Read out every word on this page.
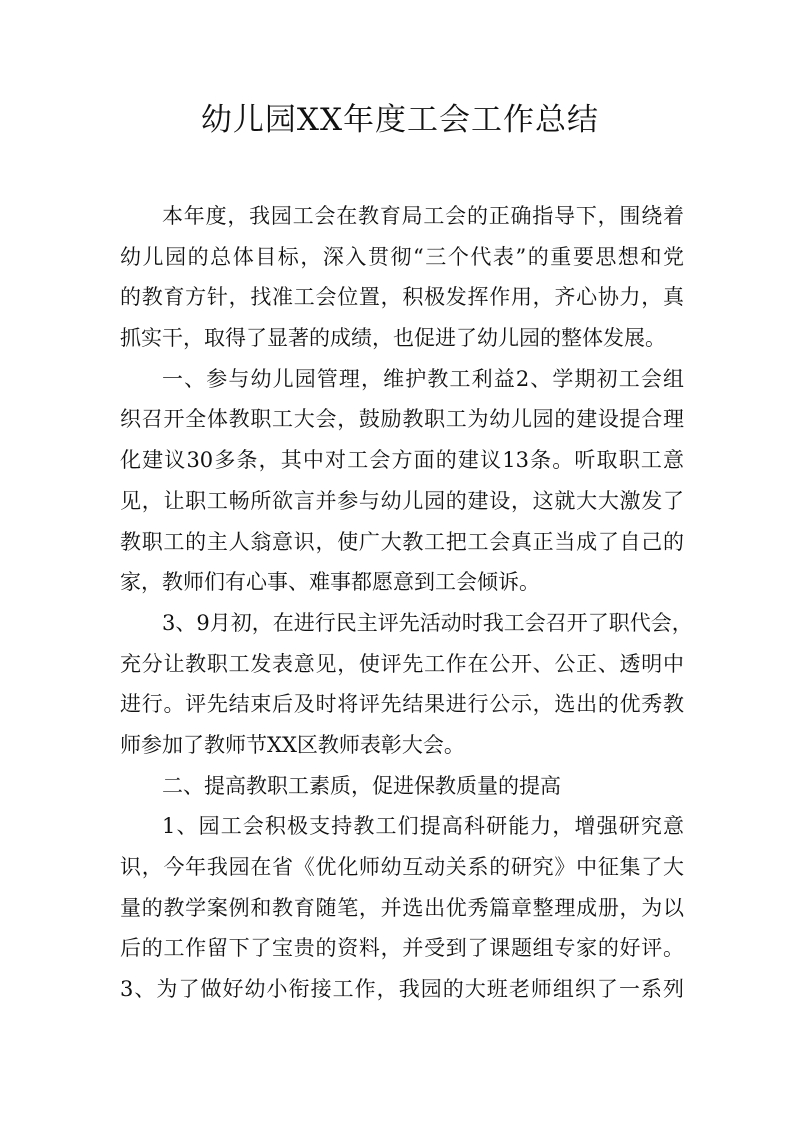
幼儿园XX年度工会工作总结
本年度，我园工会在教育局工会的正确指导下，围绕着
幼儿园的总体目标，深入贯彻“三个代表”的重要思想和党
的教育方针，找准工会位置，积极发挥作用，齐心协力，真
抓实干，取得了显著的成绩，也促进了幼儿园的整体发展。
一、参与幼儿园管理，维护教工利益2、学期初工会组
织召开全体教职工大会，鼓励教职工为幼儿园的建设提合理
化建议30多条，其中对工会方面的建议13条。听取职工意
见，让职工畅所欲言并参与幼儿园的建设，这就大大激发了
教职工的主人翁意识，使广大教工把工会真正当成了自己的
家，教师们有心事、难事都愿意到工会倾诉。
3、9月初，在进行民主评先活动时我工会召开了职代会，
充分让教职工发表意见，使评先工作在公开、公正、透明中
进行。评先结束后及时将评先结果进行公示，选出的优秀教
师参加了教师节XX区教师表彰大会。
二、提高教职工素质，促进保教质量的提高
1、园工会积极支持教工们提高科研能力，增强研究意
识，今年我园在省《优化师幼互动关系的研究》中征集了大
量的教学案例和教育随笔，并选出优秀篇章整理成册，为以
后的工作留下了宝贵的资料，并受到了课题组专家的好评。
3、为了做好幼小衔接工作，我园的大班老师组织了一系列
